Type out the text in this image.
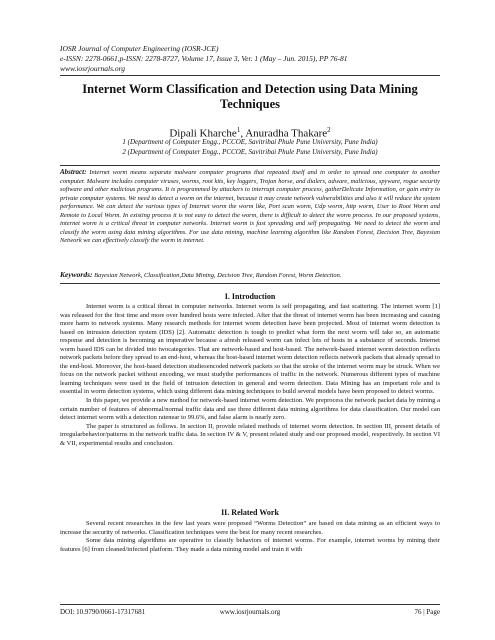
IOSR Journal of Computer Engineering (IOSR-JCE)
e-ISSN: 2278-0661,p-ISSN: 2278-8727, Volume 17, Issue 3, Ver. 1 (May – Jun. 2015), PP 76-81
www.iosrjournals.org
Internet Worm Classification and Detection using Data Mining Techniques
Dipali Kharche$^1$, Anuradha Thakare$^2$
1 (Department of Computer Engg., PCCOE, Savitribai Phule Pune University, Pune India)
2 (Department of Computer Engg., PCCOE, Savitribai Phule Pune University, Pune India)
Abstract: Internet worm means separate malware computer programs that repeated itself and in order to spread one computer to another computer. Malware includes computer viruses, worms, root kits, key loggers, Trojan horse, and dialers, adware, malicious, spyware, rogue security software and other malicious programs. It is programmed by attackers to interrupt computer process, gatherDelicate Information, or gain entry to private computer systems. We need to detect a worm on the internet, because it may create network vulnerabilities and also it will reduce the system performance. We can detect the various types of Internet worm the worm like, Port scan worm, Udp worm, http worm, User to Root Worm and Remote to Local Worm. In existing process it is not easy to detect the worm, there is difficult to detect the worm process. In our proposed systems, internet worm is a critical threat in computer networks. Internet worm is fast spreading and self propagating. We need to detect the worm and classify the worm using data mining algorithms. For use data mining, machine learning algorithm like Random Forest, Decision Tree, Bayesian Network we can effectively classify the worm in internet.
Keywords: Bayesian Network, Classification,Data Mining, Decision Tree, Random Forest, Worm Detection.
I. Introduction

Internet worm is a critical threat in computer networks. Internet worm is self propagating, and fast scattering. The internet worm [1] was released for the first time and more over hundred hosts were infected. After that the threat of internet worm has been increasing and causing more harm to network systems. Many research methods for internet worm detection have been projected. Most of internet worm detection is based on intrusion detection system (IDS) [2]. Automatic detection is tough to predict what form the next worm will take so, an automatic response and detection is becoming an imperative because a afresh released worm can infect lots of hosts in a substance of seconds. Internet worm based IDS can be divided into twocategories. That are network-based and host-based. The network-based internet worm detection reflects network packets before they spread to an end-host, whereas the host-based internet worm detection reflects network packets that already spread to the end-host. Moreover, the host-based detection studiesencoded network packets so that the stroke of the internet worm may be struck. When we focus on the network packet without encoding, we must studythe performances of traffic in the network. Numerous different types of machine learning techniques were used in the field of intrusion detection in general and worm detection. Data Mining has an important role and is essential in worm detection systems, which using different data mining techniques to build several models have been proposed to detect worms.

In this paper, we provide a new method for network-based internet worm detection. We preprocess the network packet data by mining a certain number of features of abnormal/normal traffic data and use three different data mining algorithms for data classification. Our model can detect internet worm with a detection ratenear to 99.6%, and false alarm is nearly zero.

The paper is structured as follows. In section II, provide related methods of internet worm detection. In section III, present details of irregularbehavior/patterns in the network traffic data. In section IV & V, present related study and our proposed model, respectively. In section VI & VII, experimental results and conclusion.

II. Related Work

Several recent researches in the few last years were proposed “Worms Detection” are based on data mining as an efficient ways to increase the security of networks. Classification techniques were the best for many recent researches.

Some data mining algorithms are operative to classify behaviors of internet worms. For example, internet worms by mining their features [6] from cleaned/infected platform. They made a data mining model and train it with

DOI: 10.9790/0661-17317681	www.iosrjournals.org	76 | Page
